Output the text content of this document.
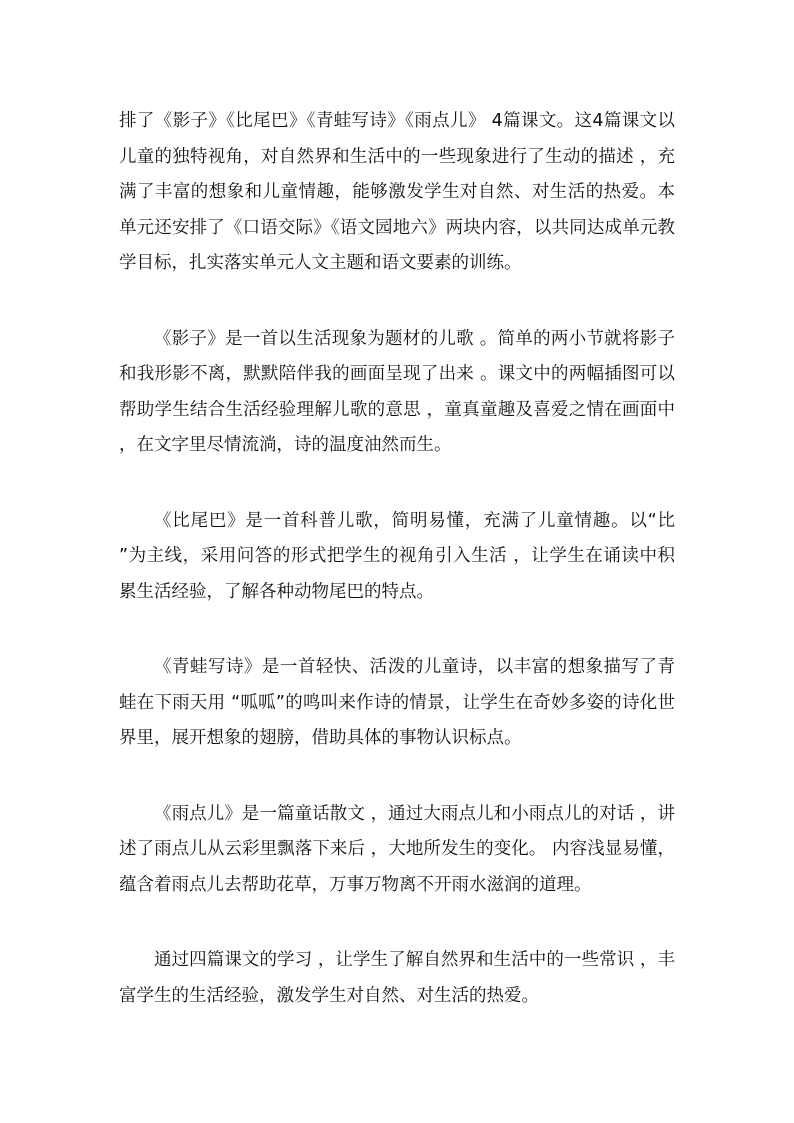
排了《影子》《比尾巴》《青蛙写诗》《雨点儿》 4篇课文。这4篇课文以儿童的独特视角，对自然界和生活中的一些现象进行了生动的描述 ，充满了丰富的想象和儿童情趣，能够激发学生对自然、对生活的热爱。本单元还安排了《口语交际》《语文园地六》两块内容，以共同达成单元教学目标，扎实落实单元人文主题和语文要素的训练。

《影子》是一首以生活现象为题材的儿歌 。简单的两小节就将影子和我形影不离，默默陪伴我的画面呈现了出来 。课文中的两幅插图可以帮助学生结合生活经验理解儿歌的意思 ，童真童趣及喜爱之情在画面中 ，在文字里尽情流淌，诗的温度油然而生。

《比尾巴》是一首科普儿歌，简明易懂，充满了儿童情趣。以“比 ”为主线，采用问答的形式把学生的视角引入生活 ，让学生在诵读中积累生活经验，了解各种动物尾巴的特点。

《青蛙写诗》是一首轻快、活泼的儿童诗，以丰富的想象描写了青蛙在下雨天用 “呱呱”的鸣叫来作诗的情景，让学生在奇妙多姿的诗化世界里，展开想象的翅膀，借助具体的事物认识标点。

《雨点儿》是一篇童话散文 ，通过大雨点儿和小雨点儿的对话 ，讲述了雨点儿从云彩里飘落下来后 ，大地所发生的变化。 内容浅显易懂，蕴含着雨点儿去帮助花草，万事万物离不开雨水滋润的道理。

通过四篇课文的学习 ，让学生了解自然界和生活中的一些常识 ，丰富学生的生活经验，激发学生对自然、对生活的热爱。
